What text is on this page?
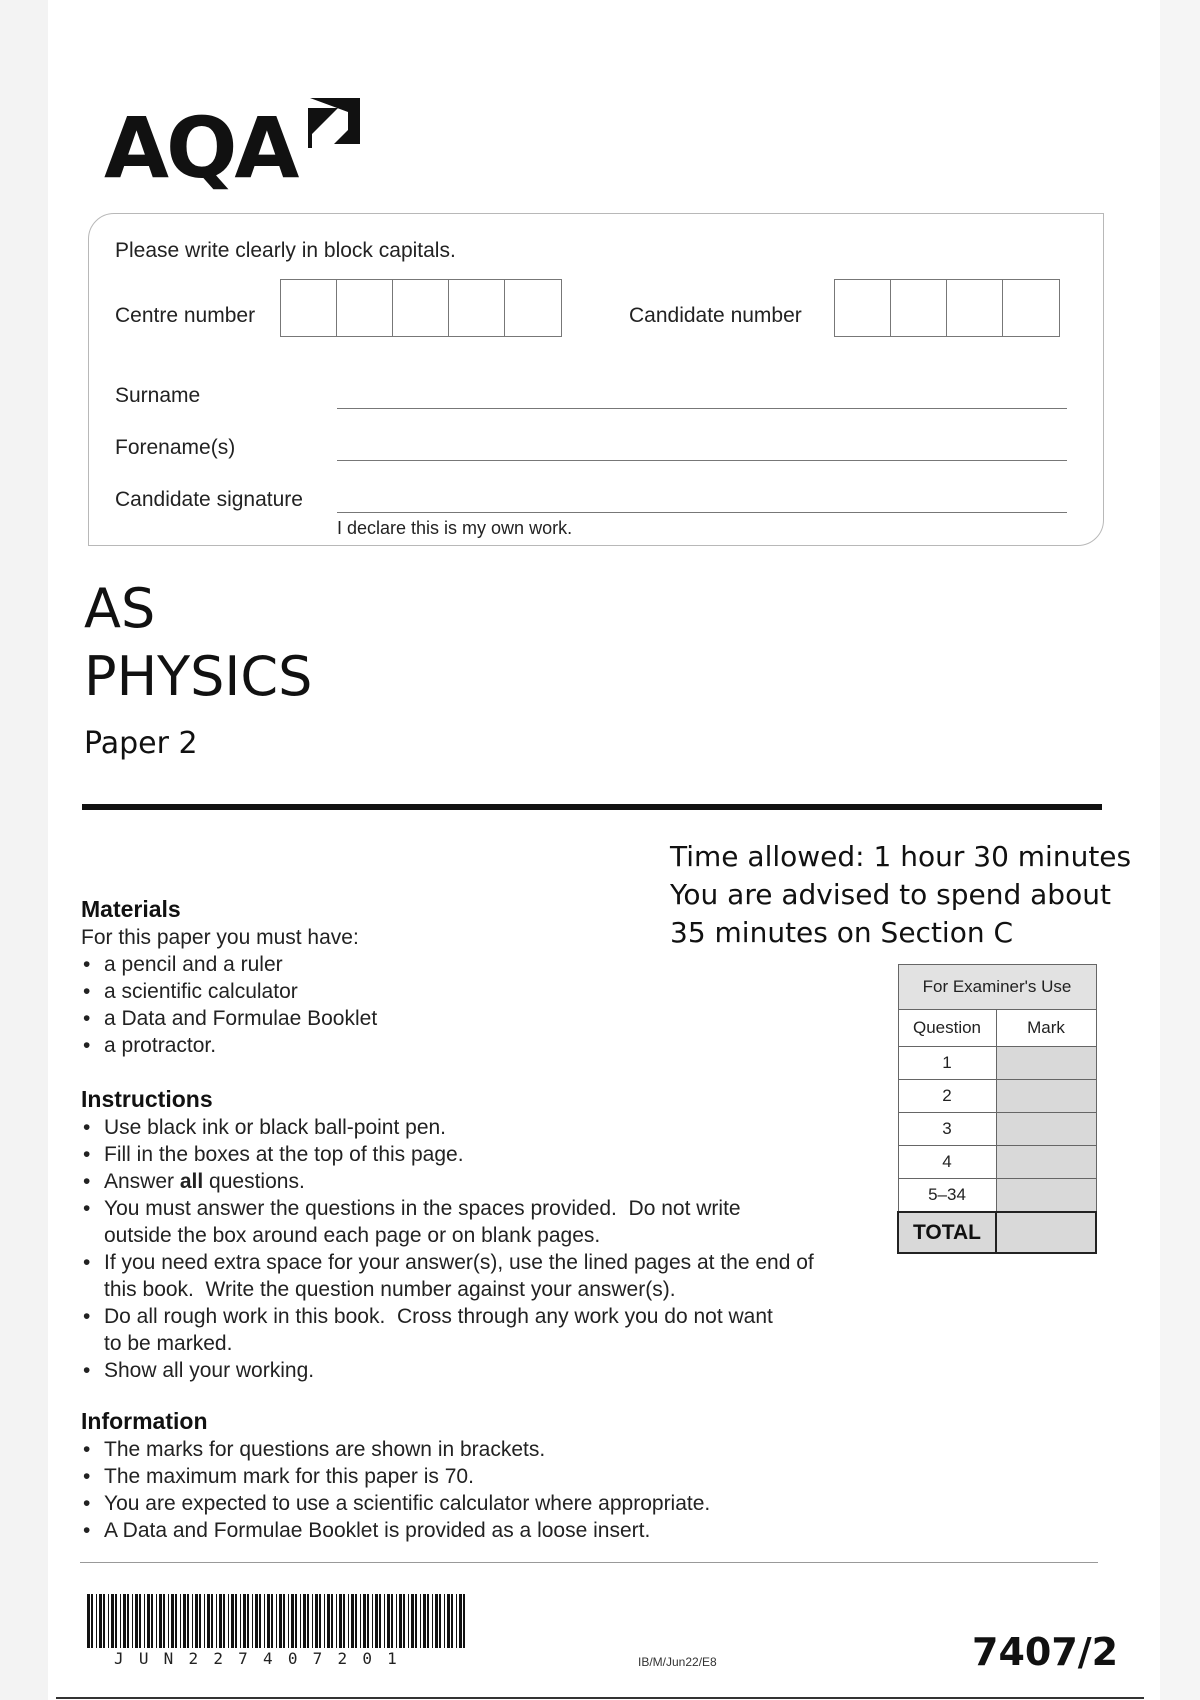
AQA
Please write clearly in block capitals.
Centre number	Candidate number
Surname
Forename(s)
Candidate signature
I declare this is my own work.
AS
PHYSICS
Paper 2
Time allowed: 1 hour 30 minutes
You are advised to spend about
35 minutes on Section C
Materials
For this paper you must have:
• a pencil and a ruler
• a scientific calculator
• a Data and Formulae Booklet
• a protractor.
Instructions
• Use black ink or black ball-point pen.
• Fill in the boxes at the top of this page.
• Answer all questions.
• You must answer the questions in the spaces provided.  Do not write
outside the box around each page or on blank pages.
• If you need extra space for your answer(s), use the lined pages at the end of
this book.  Write the question number against your answer(s).
• Do all rough work in this book.  Cross through any work you do not want
to be marked.
• Show all your working.
Information
• The marks for questions are shown in brackets.
• The maximum mark for this paper is 70.
• You are expected to use a scientific calculator where appropriate.
• A Data and Formulae Booklet is provided as a loose insert.
For Examiner's Use	
Question	Mark
1	
2	
3	
4	
5–34	
TOTAL	
JUN227407201	IB/M/Jun22/E8	7407/2
